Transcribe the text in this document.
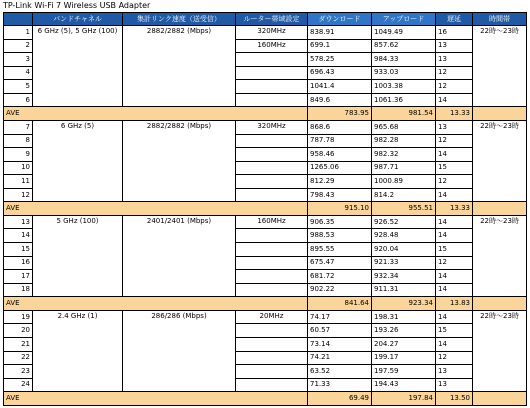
TP-Link Wi-Fi 7 Wireless USB Adapter
	バンドチャネル	集計リンク速度（送受信）	ルーター帯域設定	ダウンロード	アップロード	遅延	時間帯
1	6 GHz (5), 5 GHz (100)	2882/2882 (Mbps)	320MHz	838.91	1049.49	16	22時〜23時
2			160MHz	699.1	857.62	13	
3				578.25	984.33	13	
4				696.43	933.03	12	
5				1041.4	1003.38	12	
6				849.6	1061.36	14	
AVE				783.95	981.54	13.33	
7	6 GHz (5)	2882/2882 (Mbps)	320MHz	868.6	965.68	13	22時〜23時
8				787.78	982.28	12	
9				958.46	982.32	14	
10				1265.06	987.71	15	
11				812.29	1000.89	12	
12				798.43	814.2	14	
AVE				915.10	955.51	13.33	
13	5 GHz (100)	2401/2401 (Mbps)	160MHz	906.35	926.52	14	22時〜23時
14				988.53	928.48	14	
15				895.55	920.04	15	
16				675.47	921.33	12	
17				681.72	932.34	14	
18				902.22	911.31	14	
AVE				841.64	923.34	13.83	
19	2.4 GHz (1)	286/286 (Mbps)	20MHz	74.17	198.31	14	22時〜23時
20				60.57	193.26	15	
21				73.14	204.27	14	
22				74.21	199.17	12	
23				63.52	197.59	13	
24				71.33	194.43	13	
AVE				69.49	197.84	13.50	
